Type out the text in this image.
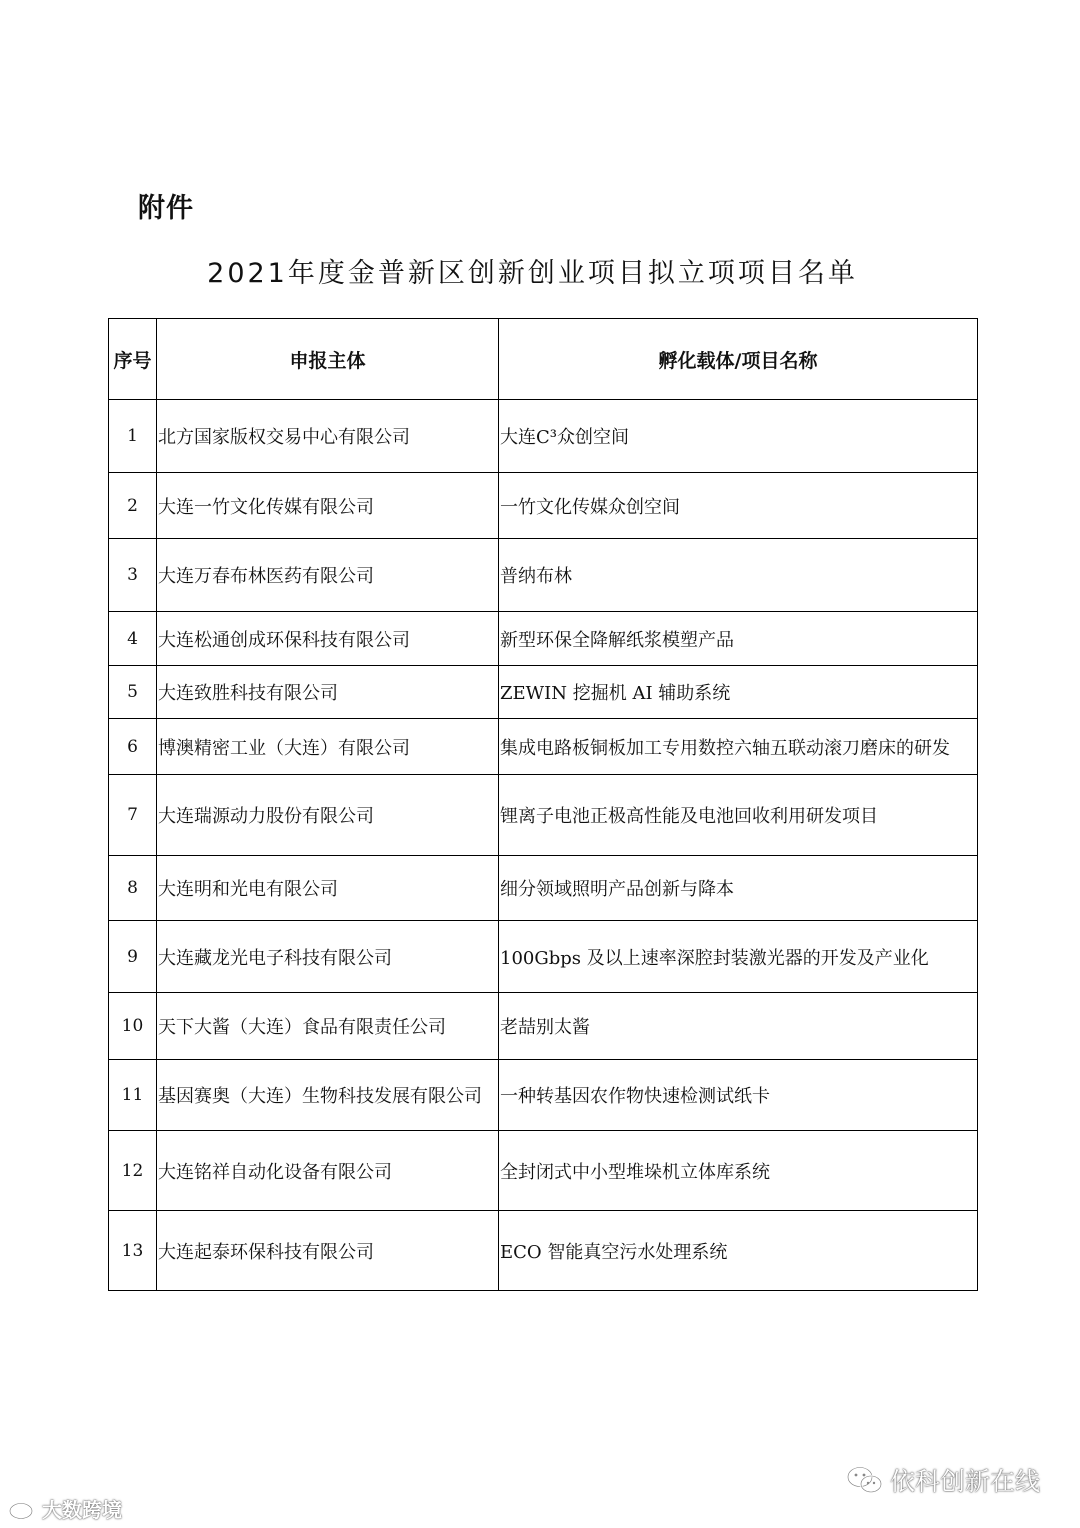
附件
2021年度金普新区创新创业项目拟立项项目名单
序号	申报主体	孵化载体/项目名称
1	北方国家版权交易中心有限公司	大连C³众创空间
2	大连一竹文化传媒有限公司	一竹文化传媒众创空间
3	大连万春布林医药有限公司	普纳布林
4	大连松通创成环保科技有限公司	新型环保全降解纸浆模塑产品
5	大连致胜科技有限公司	ZEWIN 挖掘机 AI 辅助系统
6	博澳精密工业（大连）有限公司	集成电路板铜板加工专用数控六轴五联动滚刀磨床的研发
7	大连瑞源动力股份有限公司	锂离子电池正极高性能及电池回收利用研发项目
8	大连明和光电有限公司	细分领域照明产品创新与降本
9	大连藏龙光电子科技有限公司	100Gbps 及以上速率深腔封装激光器的开发及产业化
10	天下大酱（大连）食品有限责任公司	老喆别太酱
11	基因赛奥（大连）生物科技发展有限公司	一种转基因农作物快速检测试纸卡
12	大连铭祥自动化设备有限公司	全封闭式中小型堆垛机立体库系统
13	大连起泰环保科技有限公司	ECO 智能真空污水处理系统
大数跨境
依科创新在线
